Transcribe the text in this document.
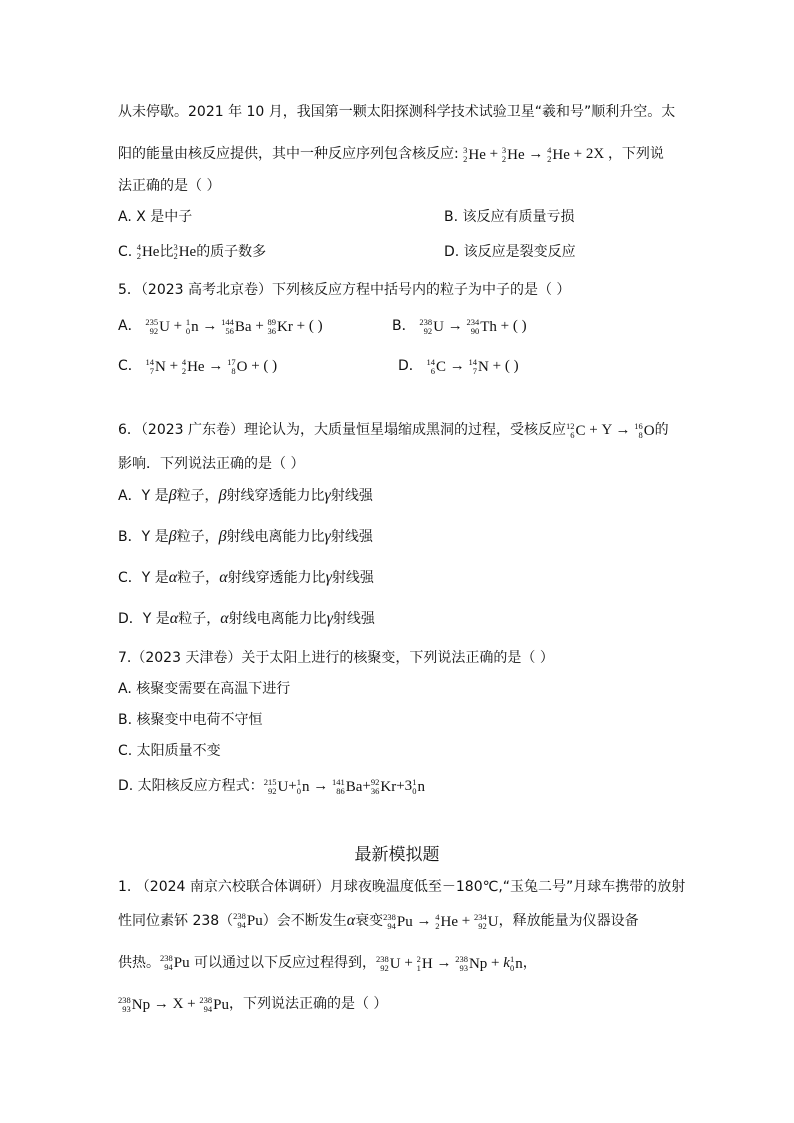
从未停歇。2021 年 10 月，我国第一颗太阳探测科学技术试验卫星“羲和号”顺利升空。太
阳的能量由核反应提供，其中一种反应序列包含核反应: 3
2 He + 3
2 He → 4
2 He + 2X ，下列说
法正确的是（ ）
A. X 是中子	B. 该反应有质量亏损
C. 4
2 He 比 3
2 He 的质子数多	D. 该反应是裂变反应
5．（2023 高考北京卷）下列核反应方程中括号内的粒子为中子的是（ ）
A． 235
92 U + 1
0 n → 144
56 Ba + 89
36 Kr + ( )	B． 238
92 U → 234
90 Th + ( )
C． 14
7 N + 4
2 He → 17
8 O + ( )	D． 14
6 C → 14
7 N + ( )
6．（2023 广东卷）理论认为，大质量恒星塌缩成黑洞的过程，受核反应 12
6 C + Y → 16
8 O 的
影响．下列说法正确的是（ ）
A．Y 是β粒子，β射线穿透能力比γ射线强
B．Y 是β粒子，β射线电离能力比γ射线强
C．Y 是α粒子，α射线穿透能力比γ射线强
D．Y 是α粒子，α射线电离能力比γ射线强
7.（2023 天津卷）关于太阳上进行的核聚变，下列说法正确的是（ ）
A. 核聚变需要在高温下进行
B. 核聚变中电荷不守恒
C. 太阳质量不变
D. 太阳核反应方程式： 215
92 U + 1
0 n → 141
86 Ba + 92
36 Kr +3 1
0 n
最新模拟题
1. （2024 南京六校联合体调研）月球夜晚温度低至－180℃,“玉兔二号”月球车携带的放射
性同位素钚 238（ 238
94 Pu ）会不断发生α衰变 238
94 Pu → 4
2 He + 234
92 U ，释放能量为仪器设备
供热。 238
94 Pu 可以通过以下反应过程得到， 238
92 U + 2
1 H → 238
93 Np + k 1
0 n ，
238
93 Np → X + 238
94 Pu ，下列说法正确的是（ ）
